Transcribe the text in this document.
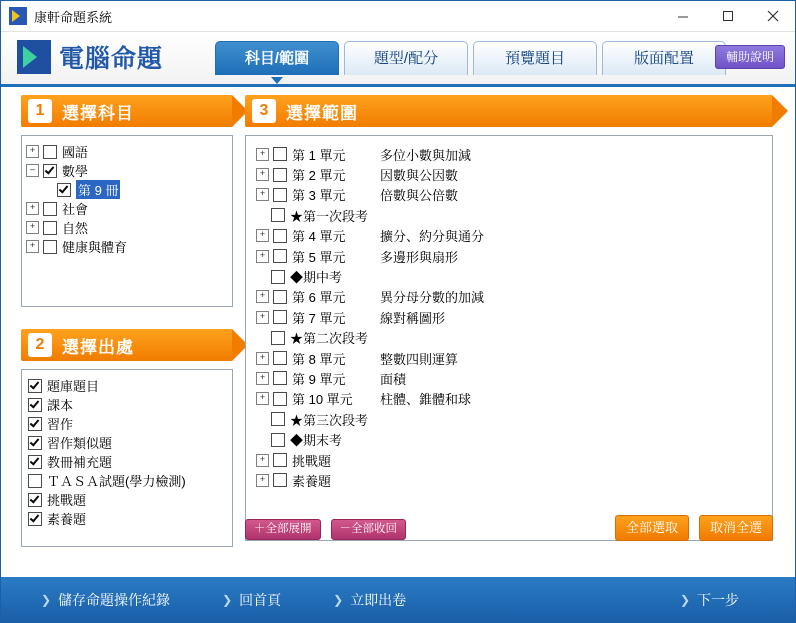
康軒命題系統
電腦命題	科目/範圍	題型/配分	預覽題目	版面配置	輔助說明
1	選擇科目
+ 國語
–	數學
第 9 冊
+ 社會
+ 自然
+ 健康與體育
2	選擇出處
題庫題目
課本
習作
習作類似題
教冊補充題
ＴＡＳＡ試題(學力檢測)
挑戰題
素養題
3	選擇範圍
+ 第 1 單元	多位小數與加減
+ 第 2 單元	因數與公因數
+ 第 3 單元	倍數與公倍數
★第一次段考
+ 第 4 單元	擴分、約分與通分
+ 第 5 單元	多邊形與扇形
◆期中考
+ 第 6 單元	異分母分數的加減
+ 第 7 單元	線對稱圖形
★第二次段考
+ 第 8 單元	整數四則運算
+ 第 9 單元	面積
+ 第 10 單元	柱體、錐體和球
★第三次段考
◆期末考
+ 挑戰題
+ 素養題
＋全部展開	－全部收回	全部選取	取消全選
❯ 儲存命題操作紀錄	❯ 回首頁	❯ 立即出卷	❯ 下一步
